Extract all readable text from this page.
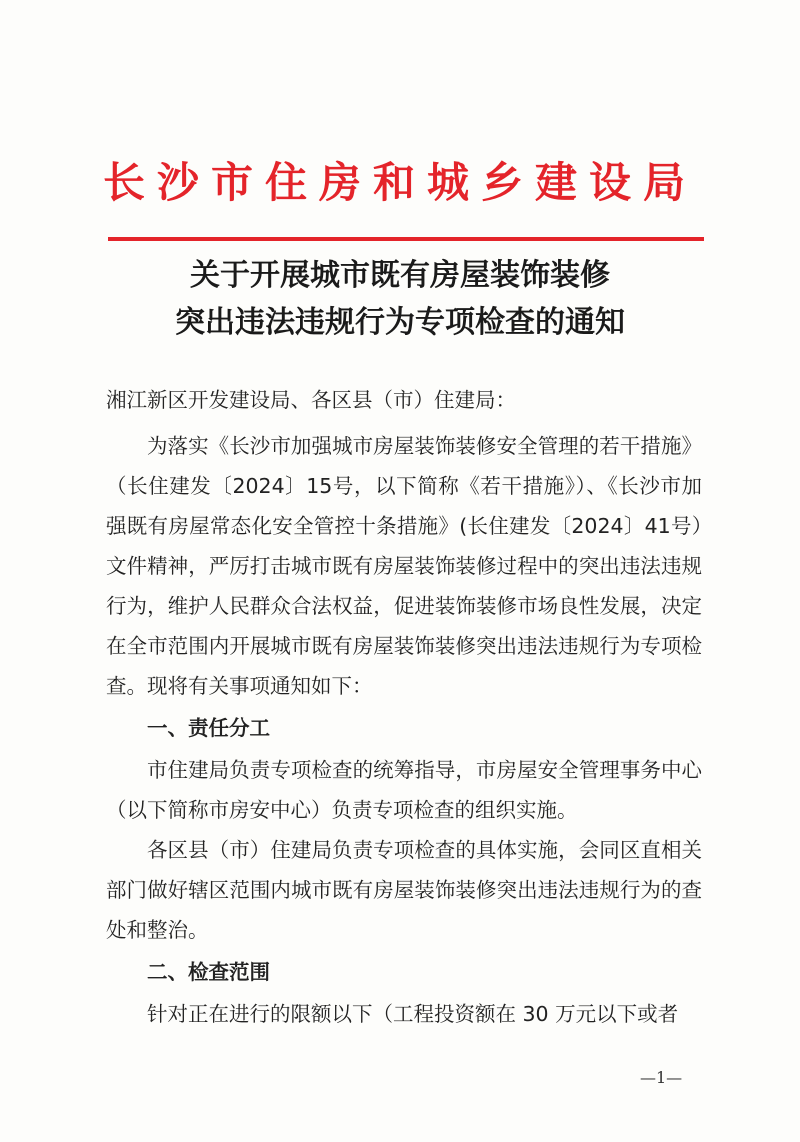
长沙市住房和城乡建设局
关于开展城市既有房屋装饰装修
突出违法违规行为专项检查的通知

湘江新区开发建设局、各区县（市）住建局：

为落实《长沙市加强城市房屋装饰装修安全管理的若干措施》（长住建发〔2024〕15号，以下简称《若干措施》）、《长沙市加强既有房屋常态化安全管控十条措施》(长住建发〔2024〕41号）文件精神，严厉打击城市既有房屋装饰装修过程中的突出违法违规行为，维护人民群众合法权益，促进装饰装修市场良性发展，决定在全市范围内开展城市既有房屋装饰装修突出违法违规行为专项检查。现将有关事项通知如下：

一、责任分工

市住建局负责专项检查的统筹指导，市房屋安全管理事务中心（以下简称市房安中心）负责专项检查的组织实施。

各区县（市）住建局负责专项检查的具体实施，会同区直相关部门做好辖区范围内城市既有房屋装饰装修突出违法违规行为的查处和整治。

二、检查范围

针对正在进行的限额以下（工程投资额在 30 万元以下或者

—1—
